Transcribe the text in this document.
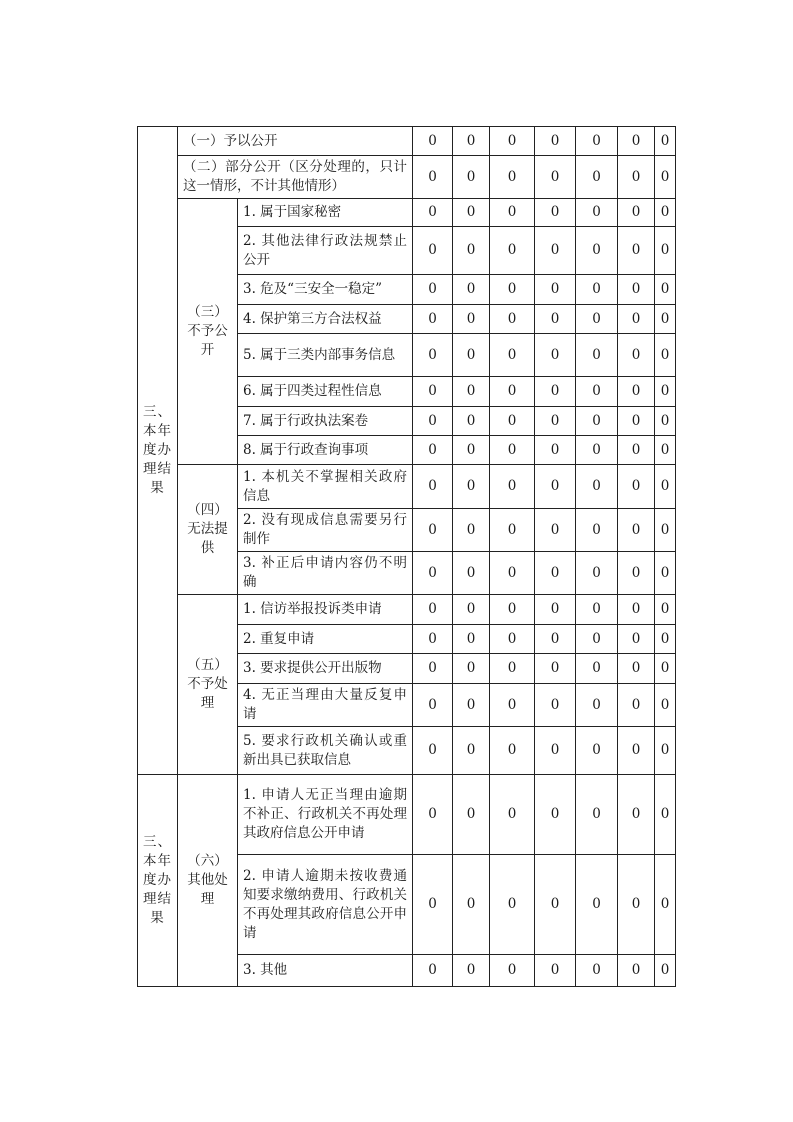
三、本年度办理结果	（一）予以公开		0	0	0	0	0	0	0
	（二）部分公开（区分处理的，只计这一情形，不计其他情形）		0	0	0	0	0	0	0
	（三）不予公开	1. 属于国家秘密	0	0	0	0	0	0	0
		2. 其他法律行政法规禁止公开	0	0	0	0	0	0	0
		3. 危及“三安全一稳定”	0	0	0	0	0	0	0
		4. 保护第三方合法权益	0	0	0	0	0	0	0
		5. 属于三类内部事务信息	0	0	0	0	0	0	0
		6. 属于四类过程性信息	0	0	0	0	0	0	0
		7. 属于行政执法案卷	0	0	0	0	0	0	0
		8. 属于行政查询事项	0	0	0	0	0	0	0
	（四）无法提供	1. 本机关不掌握相关政府信息	0	0	0	0	0	0	0
		2. 没有现成信息需要另行制作	0	0	0	0	0	0	0
		3. 补正后申请内容仍不明确	0	0	0	0	0	0	0
	（五）不予处理	1. 信访举报投诉类申请	0	0	0	0	0	0	0
		2. 重复申请	0	0	0	0	0	0	0
		3. 要求提供公开出版物	0	0	0	0	0	0	0
		4. 无正当理由大量反复申请	0	0	0	0	0	0	0
		5. 要求行政机关确认或重新出具已获取信息	0	0	0	0	0	0	0
三、本年度办理结果	（六）其他处理	1. 申请人无正当理由逾期不补正、行政机关不再处理其政府信息公开申请	0	0	0	0	0	0	0
		2. 申请人逾期未按收费通知要求缴纳费用、行政机关不再处理其政府信息公开申请	0	0	0	0	0	0	0
		3. 其他	0	0	0	0	0	0	0
